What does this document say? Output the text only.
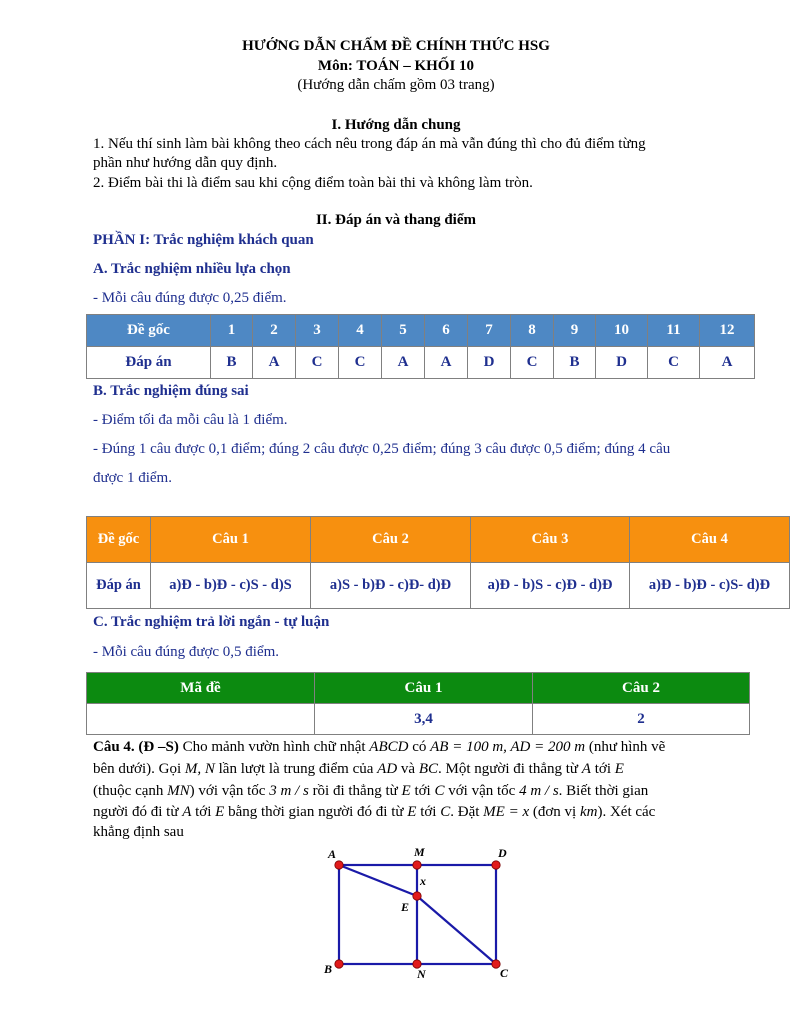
HƯỚNG DẪN CHẤM ĐỀ CHÍNH THỨC HSG
Môn: TOÁN – KHỐI 10
(Hướng dẫn chấm gồm 03 trang)
I. Hướng dẫn chung
1. Nếu thí sinh làm bài không theo cách nêu trong đáp án mà vẫn đúng thì cho đủ điểm từng
phần như hướng dẫn quy định.
2. Điểm bài thi là điểm sau khi cộng điểm toàn bài thi và không làm tròn.
II. Đáp án và thang điểm
PHẦN I: Trắc nghiệm khách quan
A. Trắc nghiệm nhiều lựa chọn
- Mỗi câu đúng được 0,25 điểm.
Đề gốc	1	2	3	4	5	6	7	8	9	10	11	12
Đáp án	B	A	C	C	A	A	D	C	B	D	C	A
B. Trắc nghiệm đúng sai
- Điểm tối đa mỗi câu là 1 điểm.
- Đúng 1 câu được 0,1 điểm; đúng 2 câu được 0,25 điểm; đúng 3 câu được 0,5 điểm; đúng 4 câu
được 1 điểm.
Đề gốc	Câu 1	Câu 2	Câu 3	Câu 4
Đáp án	a)Đ - b)Đ - c)S - d)S	a)S - b)Đ - c)Đ- d)Đ	a)Đ - b)S - c)Đ - d)Đ	a)Đ - b)Đ - c)S- d)Đ
C. Trắc nghiệm trả lời ngắn - tự luận
- Mỗi câu đúng được 0,5 điểm.
Mã đề	Câu 1	Câu 2
	3,4	2
Câu 4. (Đ –S) Cho mảnh vườn hình chữ nhật ABCD có AB = 100 m, AD = 200 m (như hình vẽ
bên dưới). Gọi M, N lần lượt là trung điểm của AD và BC. Một người đi thẳng từ A tới E
(thuộc cạnh MN) với vận tốc 3 m / s rồi đi thẳng từ E tới C với vận tốc 4 m / s. Biết thời gian
người đó đi từ A tới E bằng thời gian người đó đi từ E tới C. Đặt ME = x (đơn vị km). Xét các
khẳng định sau
A	M	D
x
E
B	N	C
